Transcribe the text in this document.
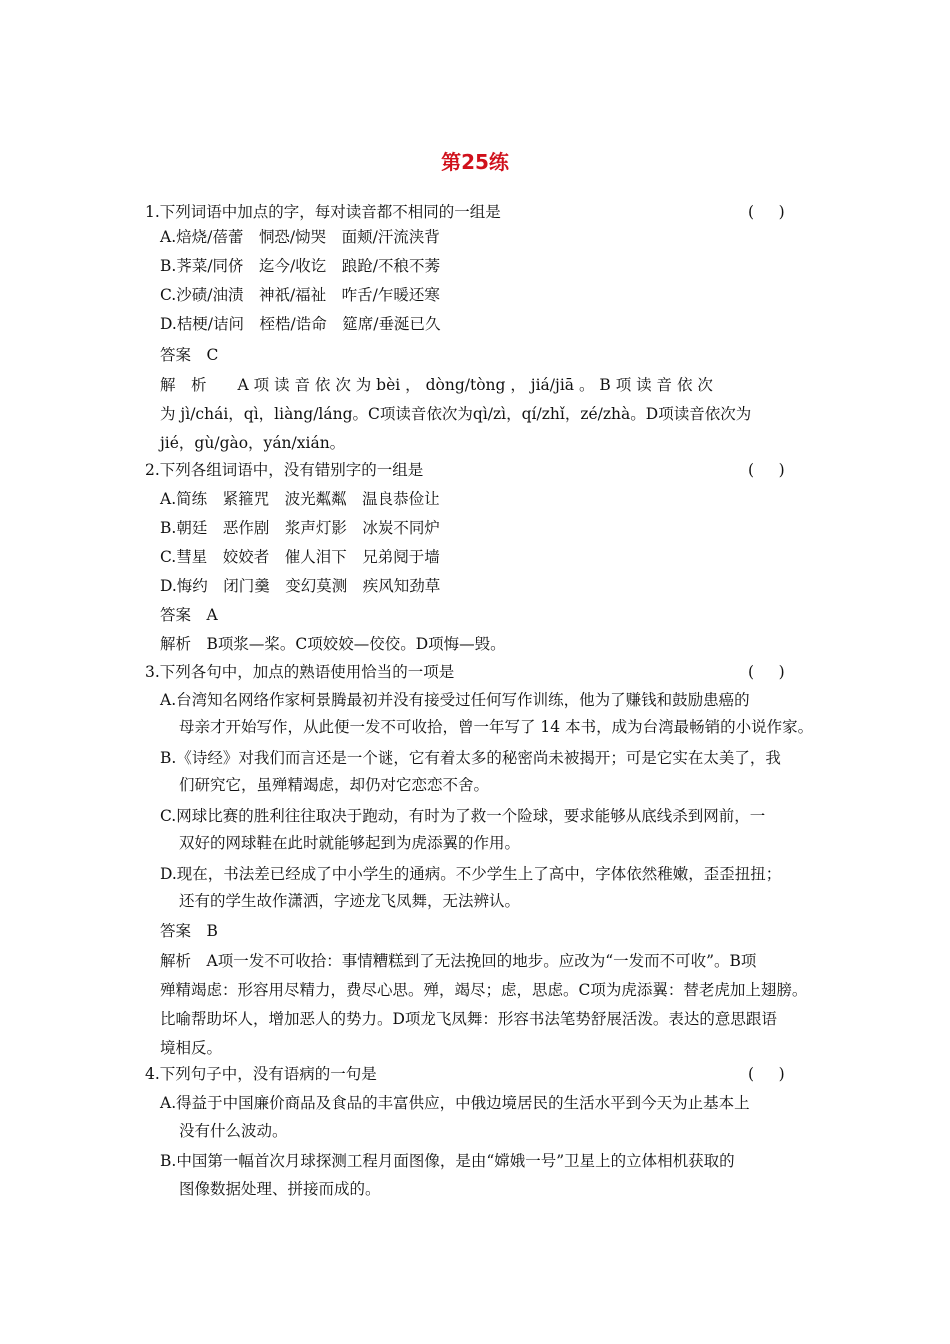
第25练
1.下列词语中加点的字，每对读音都不相同的一组是	(     )
A.焙烧/蓓蕾　恫恐/恸哭　面颊/汗流浃背
B.荠菜/同侪　迄今/收讫　踉跄/不稂不莠
C.沙碛/油渍　神祇/福祉　咋舌/乍暖还寒
D.桔梗/诘问　桎梏/诰命　筵席/垂涎已久
答案　C
解　析　　A 项 读 音 依 次 为 bèi ， dòng/tòng ， jiá/jiā 。 B 项 读 音 依 次
为 jì/chái，qì，liàng/láng。C项读音依次为qì/zì，qí/zhǐ，zé/zhà。D项读音依次为
jié，gù/gào，yán/xián。
2.下列各组词语中，没有错别字的一组是	(     )
A.简练　紧箍咒　波光粼粼　温良恭俭让
B.朝廷　恶作剧　浆声灯影　冰炭不同炉
C.彗星　姣姣者　催人泪下　兄弟阋于墙
D.悔约　闭门羹　变幻莫测　疾风知劲草
答案　A
解析　B项浆—桨。C项姣姣—佼佼。D项悔—毁。
3.下列各句中，加点的熟语使用恰当的一项是	(     )
A.台湾知名网络作家柯景腾最初并没有接受过任何写作训练，他为了赚钱和鼓励患癌的
母亲才开始写作，从此便一发不可收拾，曾一年写了 14 本书，成为台湾最畅销的小说作家。
B.《诗经》对我们而言还是一个谜，它有着太多的秘密尚未被揭开；可是它实在太美了，我
们研究它，虽殚精竭虑，却仍对它恋恋不舍。
C.网球比赛的胜利往往取决于跑动，有时为了救一个险球，要求能够从底线杀到网前，一
双好的网球鞋在此时就能够起到为虎添翼的作用。
D.现在，书法差已经成了中小学生的通病。不少学生上了高中，字体依然稚嫩，歪歪扭扭；
还有的学生故作潇洒，字迹龙飞凤舞，无法辨认。
答案　B
解析　A项一发不可收拾：事情糟糕到了无法挽回的地步。应改为“一发而不可收”。B项
殚精竭虑：形容用尽精力，费尽心思。殚，竭尽；虑，思虑。C项为虎添翼：替老虎加上翅膀。
比喻帮助坏人，增加恶人的势力。D项龙飞凤舞：形容书法笔势舒展活泼。表达的意思跟语
境相反。
4.下列句子中，没有语病的一句是	(     )
A.得益于中国廉价商品及食品的丰富供应，中俄边境居民的生活水平到今天为止基本上
没有什么波动。
B.中国第一幅首次月球探测工程月面图像，是由“嫦娥一号”卫星上的立体相机获取的
图像数据处理、拼接而成的。
